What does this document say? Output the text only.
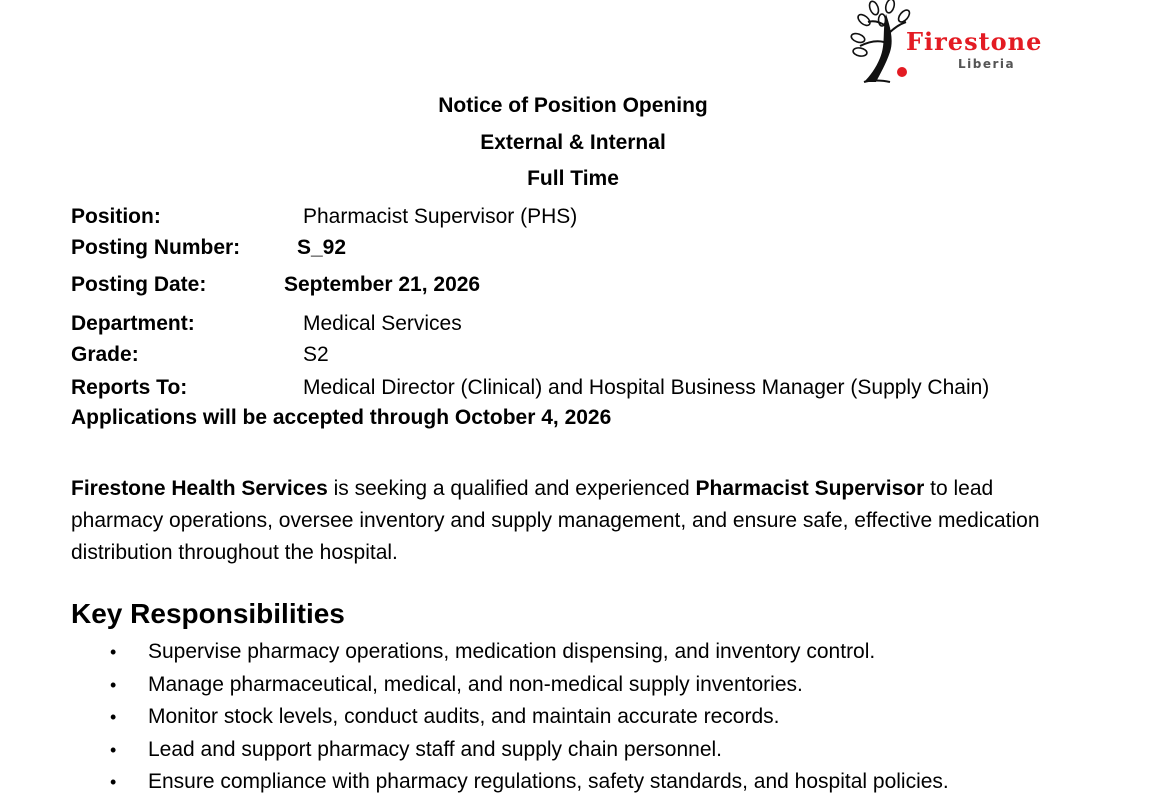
Firestone
Liberia
Notice of Position Opening
External & Internal
Full Time
Position:	Pharmacist Supervisor (PHS)
Posting Number:	S_92
Posting Date:	September 21, 2026
Department:	Medical Services
Grade:	S2
Reports To:	Medical Director (Clinical) and Hospital Business Manager (Supply Chain)
Applications will be accepted through October 4, 2026
Firestone Health Services is seeking a qualified and experienced Pharmacist Supervisor to lead pharmacy operations, oversee inventory and supply management, and ensure safe, effective medication distribution throughout the hospital.
Key Responsibilities
• Supervise pharmacy operations, medication dispensing, and inventory control.
• Manage pharmaceutical, medical, and non-medical supply inventories.
• Monitor stock levels, conduct audits, and maintain accurate records.
• Lead and support pharmacy staff and supply chain personnel.
• Ensure compliance with pharmacy regulations, safety standards, and hospital policies.
